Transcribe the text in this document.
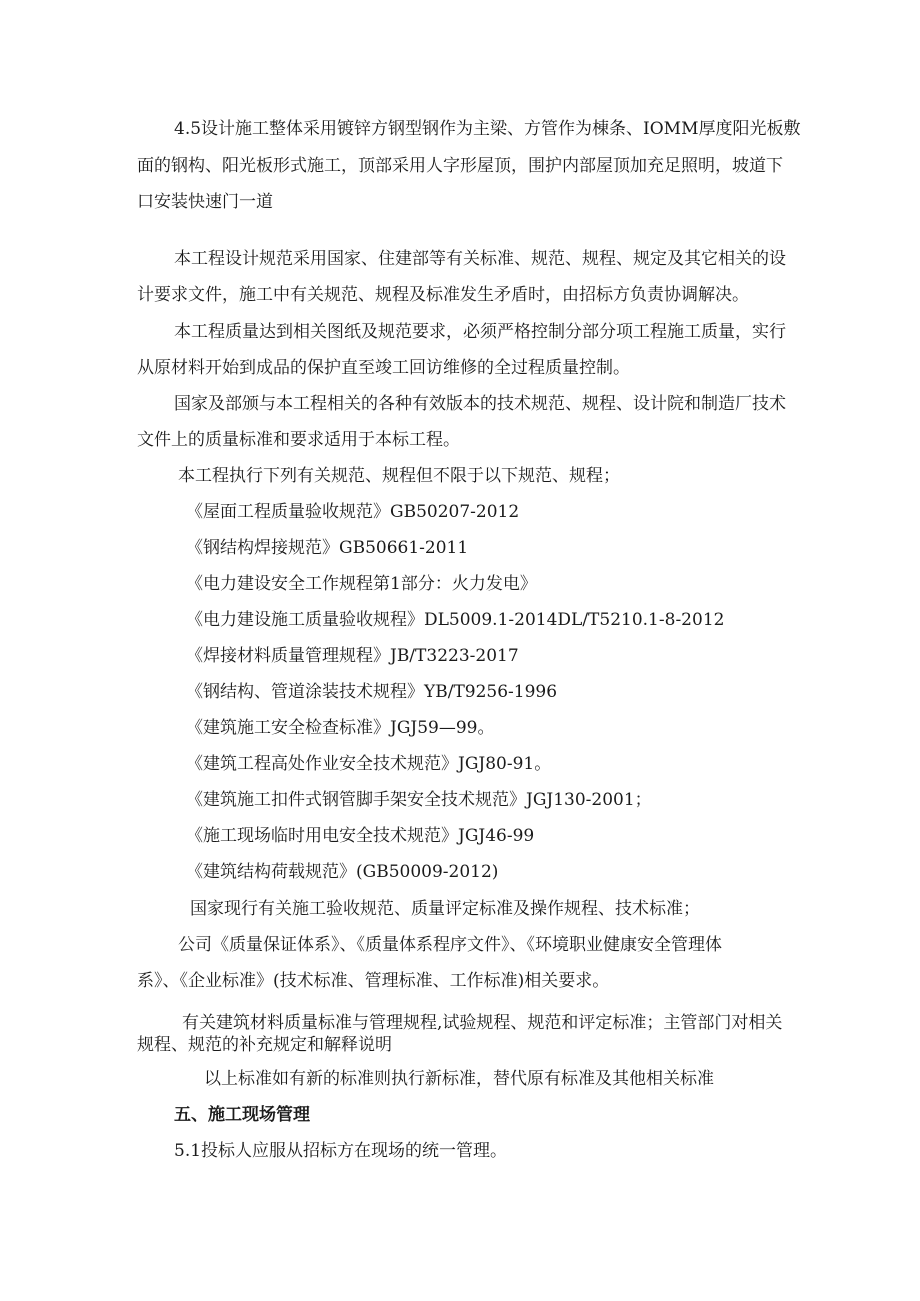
4.5设计施工整体采用镀锌方钢型钢作为主梁、方管作为棟条、IOMM厚度阳光板敷
面的钢构、阳光板形式施工，顶部采用人字形屋顶，围护内部屋顶加充足照明，坡道下
口安装快速门一道
本工程设计规范采用国家、住建部等有关标准、规范、规程、规定及其它相关的设
计要求文件，施工中有关规范、规程及标准发生矛盾时，由招标方负责协调解决。
本工程质量达到相关图纸及规范要求，必须严格控制分部分项工程施工质量，实行
从原材料开始到成品的保护直至竣工回访维修的全过程质量控制。
国家及部颁与本工程相关的各种有效版本的技术规范、规程、设计院和制造厂技术
文件上的质量标准和要求适用于本标工程。
本工程执行下列有关规范、规程但不限于以下规范、规程；
《屋面工程质量验收规范》GB50207-2012
《钢结构焊接规范》GB50661-2011
《电力建设安全工作规程第1部分：火力发电》
《电力建设施工质量验收规程》DL5009.1-2014DL/T5210.1-8-2012
《焊接材料质量管理规程》JB/T3223-2017
《钢结构、管道涂装技术规程》YB/T9256-1996
《建筑施工安全检查标准》JGJ59—99。
《建筑工程高处作业安全技术规范》JGJ80-91。
《建筑施工扣件式钢管脚手架安全技术规范》JGJ130-2001；
《施工现场临时用电安全技术规范》JGJ46-99
《建筑结构荷载规范》(GB50009-2012)
国家现行有关施工验收规范、质量评定标准及操作规程、技术标准；
公司《质量保证体系》、《质量体系程序文件》、《环境职业健康安全管理体
系》、《企业标准》(技术标准、管理标准、工作标准)相关要求。
有关建筑材料质量标准与管理规程,试验规程、规范和评定标准；主管部门对相关
规程、规范的补充规定和解释说明
以上标准如有新的标准则执行新标准，替代原有标准及其他相关标准
五、施工现场管理
5.1投标人应服从招标方在现场的统一管理。
